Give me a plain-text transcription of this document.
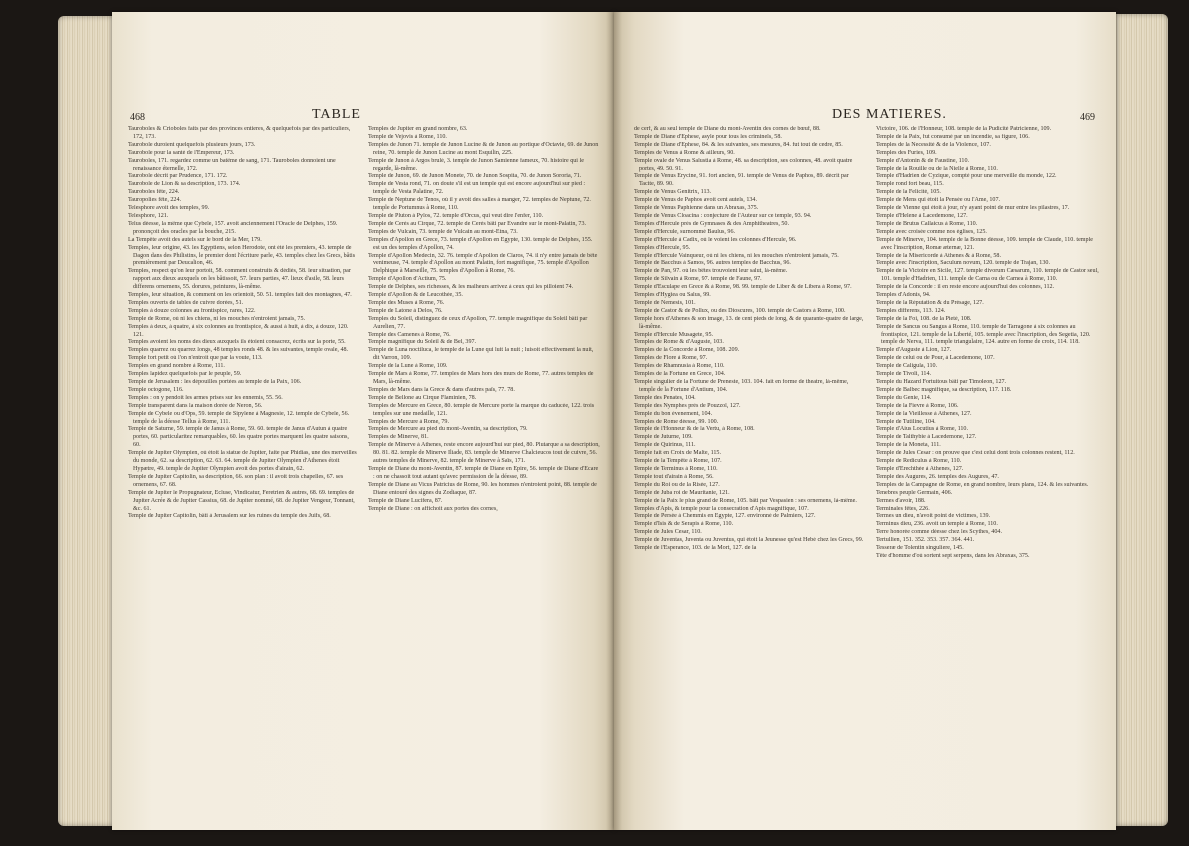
468	TABLE
Tauroboles & Crioboles faits par des provinces entieres, & quelquefois par des particuliers, 172, 173.
Taurobole duroient quelquefois plusieurs jours, 173.
Taurobole pour la santé de l'Empereur, 173.
Tauroboles, 171. regardez comme un batême de sang, 171. Tauroboles donnoient une renaissance éternelle, 172.
Taurobole décrit par Prudence, 171. 172.
Taurobole de Lion & sa description, 173. 174.
Tauroboles fête, 224.
Tauropolies fête, 224.
Telesphore avoit des temples, 99.
Telesphore, 121.
Telus déesse, la même que Cybele, 157. avoit anciennement l'Oracle de Delphes, 159. prononçoit des oracles par la bouche, 215.
La Tempête avoit des autels sur le bord de la Mer, 179.
Temples, leur origine, 43. les Egyptiens, selon Herodote, ont été les premiers, 43. temple de Dagon dans des Philistins, le premier dont l'écriture parle, 43. temples chez les Grecs, bâtis premièrement par Deucalion, 46.
Temples, respect qu'on leur portoit, 58. comment construits & dédiés, 58. leur situation, par rapport aux dieux auxquels on les bâtissoit, 57. leurs parties, 47. lieux d'asile, 58. leurs differens ornemens, 55. dorures, peintures, là-même.
Temples, leur situation, & comment on les orientoit, 50. 51. temples fait des montagnes, 47.
Temples ouverts de tables de cuivre dorées, 51.
Temples à douze colonnes au frontispice, rares, 122.
Temple de Rome, où ni les chiens, ni les mouches n'entroient jamais, 75.
Temples à deux, à quatre, à six colonnes au frontispice, & aussi à huit, à dix, à douze, 120. 121.
Temples avoient les noms des dieux auxquels ils étoient consacrez, écrits sur la porte, 55.
Temples quarrez ou quarrez longs, 48 temples ronds 48. & les suivantes, temple ovale, 48.
Temple fort petit où l'on n'entroit que par la voute, 113.
Temples en grand nombre à Rome, 111.
Temples lapidez quelquefois par le peuple, 59.
Temple de Jerusalem : les dépouilles portées au temple de la Paix, 106.
Temple octogone, 116.
Temples : on y pendoit les armes prises sur les ennemis, 55. 56.
Temple transparent dans la maison dorée de Neron, 56.
Temple de Cybele ou d'Ops, 59. temple de Sipylene à Magnesie, 12. temple de Cybele, 56. temple de la déesse Tellus à Rome, 111.
Temple de Saturne, 59. temple de Janus à Rome, 59. 60. temple de Janus d'Autun à quatre portes, 60. particularitez remarquables, 60. les quatre portes marquent les quatre saisons, 60.
Temple de Jupiter Olympien, où étoit la statue de Jupiter, faite par Phidias, une des merveilles du monde, 62. sa description, 62. 63. 64. temple de Jupiter Olympien d'Athenes étoit Hypætre, 49. temple de Jupiter Olympien avoit des portes d'airain, 62.
Temple de Jupiter Capitolin, sa description, 66. son plan : il avoit trois chapelles, 67. ses ornemens, 67. 68.
Temple de Jupiter le Propugnateur, Ecluse, Vindicatur, Feretrien & autres, 68. 69. temples de Jupiter Acrée & de Jupiter Cassius, 68. de Jupiter nommé, 68. de Jupiter Vengeur, Tonnant, &c. 61.
Temple de Jupiter Capitolin, bâti à Jerusalem sur les ruines du temple des Juifs, 68.
Temples de Jupiter en grand nombre, 63.
Temple de Vejovis à Rome, 110.
Temples de Junon 71. temple de Junon Lucine & de Junon au portique d'Octavie, 69. de Junon reine, 70. temple de Junon Lucine au mont Esquilin, 225.
Temple de Junon à Argos brulé, 3. temple de Junon Samienne fameux, 70. histoire qui le regarde, là-même.
Temple de Junon, 69. de Junon Monete, 70. de Junon Sospita, 70. de Junon Sororia, 71.
Temple de Vesta rond, 71. on doute s'il est un temple qui est encore aujourd'hui sur pied : temple de Vesta Palatine, 72.
Temple de Neptune de Tenos, où il y avoit des salles à manger, 72. temples de Neptune, 72. temple de Portumnus à Rome, 110.
Temple de Pluton à Pylos, 72. temple d'Orcus, qui veut dire l'enfer, 110.
Temple de Cerès au Cirque, 72. temple de Cerès bâti par Evandre sur le mont-Palatin, 73.
Temples de Vulcain, 73. temple de Vulcain au mont-Etna, 73.
Temples d'Apollon en Grece, 73. temple d'Apollon en Egypte, 130. temple de Delphes, 155. est un des temples d'Apollon, 74.
Temple d'Apollon Medecin, 32. 76. temple d'Apollon de Claros, 74. il n'y entre jamais de bête venimeuse, 74. temple d'Apollon au mont Palatin, fort magnifique, 75. temple d'Apollon Delphique à Marseille, 75. temples d'Apollon à Rome, 76.
Temple d'Apollon d'Actium, 75.
Temple de Delphes, ses richesses, & les malheurs arrivez à ceux qui les pilloient 74.
Temple d'Apollon & de Leucothée, 35.
Temple des Muses à Rome, 76.
Temple de Latone à Delos, 76.
Temples du Soleil, distinguez de ceux d'Apollon, 77. temple magnifique du Soleil bâti par Aurelien, 77.
Temple des Camenes à Rome, 76.
Temple magnifique du Soleil & de Bel, 397.
Temple de Luna noctiluca, le temple de la Lune qui luit la nuit ; luisoit effectivement la nuit, dit Varron, 109.
Temple de la Lune à Rome, 109.
Temple de Mars à Rome, 77. temples de Mars hors des murs de Rome, 77. autres temples de Mars, là-même.
Temples de Mars dans la Grece & dans d'autres païs, 77. 78.
Temple de Bellone au Cirque Flaminien, 78.
Temples de Mercure en Grece, 80. temple de Mercure porte la marque du caducée, 122. trois temples sur une medaille, 121.
Temples de Mercure à Rome, 79.
Temples de Mercure au pied du mont-Aventin, sa description, 79.
Temples de Minerve, 81.
Temple de Minerve à Athenes, reste encore aujourd'hui sur pied, 80. Plutarque a sa description, 80. 81. 82. temple de Minerve Iliade, 83. temple de Minerve Chalcieucos tout de cuivre, 56. autres temples de Minerve, 82. temple de Minerve à Saïs, 171.
Temple de Diane du mont-Aventin, 87. temple de Diane en Epire, 56. temple de Diane d'Ecare : on ne chassoit tout autant qu'avec permission de la déesse, 89.
Temple de Diane au Vicus Patricius de Rome, 90. les hommes n'entroient point, 88. temple de Diane entouré des signes du Zodiaque, 87.
Temple de Diane Lucifera, 87.
Temple de Diane : on affichoit aux portes des cornes,
DES MATIERES.	469
de cerf, & au seul temple de Diane du mont-Aventin des cornes de bœuf, 88.
Temple de Diane d'Ephese, asyle pour tous les criminels, 58.
Temple de Diane d'Ephese, 84. & les suivantes, ses mesures, 84. fut tout de cedre, 85.
Temples de Venus à Rome & ailleurs, 90.
Temple ovale de Venus Salustia à Rome, 48. sa description, ses colonnes, 48. avoit quatre portes, 49. 50. 91.
Temple de Venus Erycine, 91. fort ancien, 91. temple de Venus de Paphos, 89. décrit par Tacite, 89. 90.
Temple de Venus Genitrix, 113.
Temple de Venus de Paphos avoit cent autels, 134.
Temple de Venus Paphienne dans un Abraxas, 375.
Temple de Venus Cloacina : conjecture de l'Auteur sur ce temple, 93. 94.
Temples d'Hercule près de Gymnases & des Amphitheatres, 50.
Temple d'Hercule, surnommé Baulus, 96.
Temple d'Hercule à Cadix, où le voient les colonnes d'Hercule, 96.
Temples d'Hercule, 95.
Temple d'Hercule Vainqueur, où ni les chiens, ni les mouches n'entroient jamais, 75.
Temple de Bacchus à Samos, 96. autres temples de Bacchus, 96.
Temple de Pan, 97. où les bêtes trouvoient leur salut, là-même.
Temple de Silvain à Rome, 97. temple de Faune, 97.
Temple d'Esculape en Grece & à Rome, 98. 99. temple de Liber & de Libera à Rome, 97.
Temples d'Hygiea ou Salus, 99.
Temple de Nemesis, 101.
Temple de Castor & de Pollux, ou des Dioscures, 100. temple de Castors à Rome, 100.
Temple hors d'Athenes & son image, 13. de cent pieds de long, & de quarante-quatre de large, là-même.
Temple d'Hercule Musagete, 95.
Temples de Rome & d'Auguste, 103.
Temples de la Concorde à Rome, 108. 209.
Temples de Flore à Rome, 97.
Temples de Rhamnusia à Rome, 110.
Temples de la Fortune en Grece, 104.
Temple singulier de la Fortune de Preneste, 103. 104. fait en forme de theatre, là-même, temple de la Fortune d'Antium, 104.
Temple des Penates, 104.
Temple des Nymphes près de Pouzzol, 127.
Temple du bon évenement, 104.
Temples de Rome déesse, 99. 100.
Temple de l'Honneur & de la Vertu, à Rome, 108.
Temple de Juturne, 109.
Temple de Quirinus, 111.
Temple fait en Croix de Malte, 115.
Temple de la Tempête à Rome, 107.
Temple de Terminus à Rome, 110.
Temple tout d'airain à Rome, 56.
Temple du Roi ou de la Risée, 127.
Temple de Juba roi de Mauritanie, 121.
Temple de la Paix le plus grand de Rome, 105. bâti par Vespasien : ses ornemens, là-même.
Temples d'Apis, & temple pour la consecration d'Apis magnifique, 107.
Temple de Persée à Chemmis en Egypte, 127. environné de Palmiers, 127.
Temple d'Isis & de Serapis à Rome, 110.
Temple de Jules Cesar, 110.
Temple de Juventas, Juventa ou Juventus, qui étoit la Jeunesse qu'est Hebé chez les Grecs, 99.
Temple de l'Esperance, 103. de la Mort, 127. de la
Victoire, 106. de l'Honneur, 108. temple de la Pudicité Patricienne, 109.
Temple de la Paix, fut consumé par un incendie, sa figure, 106.
Temples de la Necessité & de la Violence, 107.
Temples des Furies, 109.
Temple d'Antonin & de Faustine, 110.
Temple de la Rouille ou de la Nielle à Rome, 110.
Temple d'Hadrien de Cyzique, compté pour une merveille du monde, 122.
Temple rond fort beau, 115.
Temple de la Felicité, 105.
Temple de Mens qui étoit la Pensée ou l'Ame, 107.
Temple de Vienne qui étoit à jour, n'y ayant point de mur entre les pilastres, 17.
Temple d'Helene à Lacedemone, 127.
Temple de Brutus Callaicus à Rome, 110.
Temple avec croisée comme nos églises, 125.
Temple de Minerve, 104. temple de la Bonne déesse, 109. temple de Claude, 110. temple avec l'inscription, Romæ æternæ, 121.
Temple de la Misericorde à Athenes & à Rome, 58.
Temple avec l'inscription, Saculum novum, 120. temple de Trajan, 130.
Temple de la Victoire en Sicile, 127. temple divorum Cæsarum, 110. temple de Castor seul, 101. temple d'Hadrien, 111. temple de Carna ou de Carnea à Rome, 110.
Temple de la Concorde : il en reste encore aujourd'hui des colonnes, 112.
Temples d'Adonis, 94.
Temple de la Réputation & du Présage, 127.
Temples differens, 113. 124.
Temple de la Foi, 108. de la Pieté, 108.
Temple de Sancus ou Sangus à Rome, 110. temple de Tarragone à six colonnes au frontispice, 121. temple de la Liberté, 105. temple avec l'inscription, des Segetia, 120. temple de Nerva, 111. temple triangulaire, 124. autre en forme de croix, 114. 118.
Temple d'Auguste à Lion, 127.
Temple de celui ou de Pour, à Lacedemone, 107.
Temple de Caligula, 110.
Temple de Tivoli, 114.
Temple du Hazard Fortuitous bâti par Timoleon, 127.
Temple de Balbec magnifique, sa description, 117. 118.
Temple du Genie, 114.
Temple de la Fievre à Rome, 106.
Temple de la Vieillesse à Athenes, 127.
Temple de Tutiline, 104.
Temple d'Aius Locutius à Rome, 110.
Temple de Talthybie à Lacedemone, 127.
Temple de la Moneta, 111.
Temple de Jules Cesar : on prouve que c'est celui dont trois colonnes restent, 112.
Temple de Rediculus à Rome, 110.
Temple d'Erechthée à Athenes, 127.
Temple des Augures, 26. temples des Augures, 47.
Temples de la Campagne de Rome, en grand nombre, leurs plans, 124. & les suivantes.
Tenebres peuple Germain, 406.
Termes d'avoir, 188.
Terminales fêtes, 226.
Termes un dieu, n'avoit point de victimes, 139.
Terminus dieu, 236. avoit un temple à Rome, 110.
Terre honorée comme déesse chez les Scythes, 404.
Tertullien, 151. 352. 353. 357. 364. 441.
Tesseræ de Tolentin singuliere, 145.
Tête d'homme d'où sortent sept serpens, dans les Abraxas, 375.
